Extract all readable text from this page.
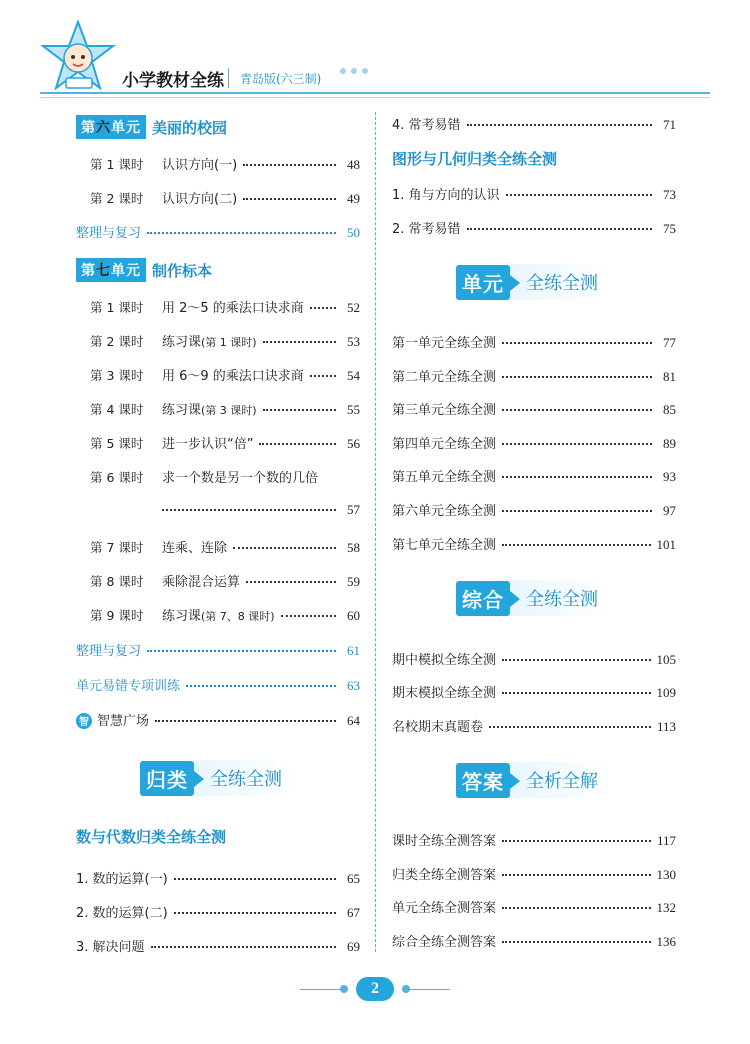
小学教材全练 青岛版(六三制)
第六单元 美丽的校园
第 1 课时	认识方向(一)	48
第 2 课时	认识方向(二)	49
整理与复习	50
第七单元 制作标本
第 1 课时	用 2～5 的乘法口诀求商	52
第 2 课时	练习课 (第 1 课时)	53
第 3 课时	用 6～9 的乘法口诀求商	54
第 4 课时	练习课 (第 3 课时)	55
第 5 课时	进一步认识“倍”	56
第 6 课时	求一个数是另一个数的几倍
57
第 7 课时	连乘、连除	58
第 8 课时	乘除混合运算	59
第 9 课时	练习课 (第 7、8 课时)	60
整理与复习	61
单元易错专项训练	63
智 智慧广场	64
归类	全练全测
数与代数归类全练全测
1. 数的运算(一)	65
2. 数的运算(二)	67
3. 解决问题	69
4. 常考易错	71
图形与几何归类全练全测
1. 角与方向的认识	73
2. 常考易错	75
单元	全练全测
第一单元全练全测	77
第二单元全练全测	81
第三单元全练全测	85
第四单元全练全测	89
第五单元全练全测	93
第六单元全练全测	97
第七单元全练全测	101
综合	全练全测
期中模拟全练全测	105
期末模拟全练全测	109
名校期末真题卷	113
答案	全析全解
课时全练全测答案	117
归类全练全测答案	130
单元全练全测答案	132
综合全练全测答案	136
2
